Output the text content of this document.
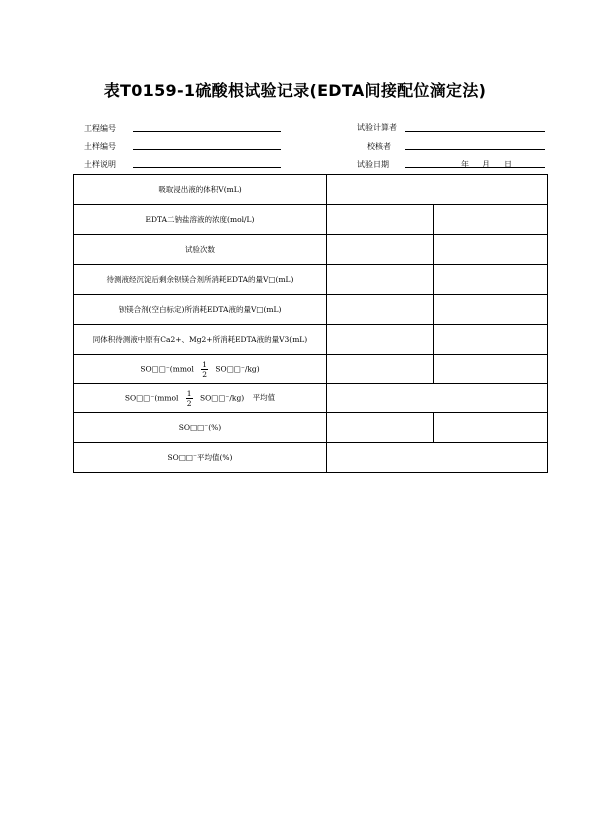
表T0159-1硫酸根试验记录(EDTA间接配位滴定法)
工程编号
土样编号
土样说明
试验计算者
校核者
试验日期	年 月 日
吸取浸出液的体积V(mL)		
EDTA二钠盐溶液的浓度(mol/L)		
试验次数		
待测液经沉淀后剩余钡镁合剂所消耗EDTA的量V□(mL)		
钡镁合剂(空白标定)所消耗EDTA液的量V□(mL)		
同体积待测液中原有Ca2+、Mg2+所消耗EDTA液的量V3(mL)		
SO□□⁻(mmol $\frac{1}{2}$ SO□□⁻/kg)		
SO□□⁻(mmol $\frac{1}{2}$ SO□□⁻/kg) 平均值		
SO□□⁻(%)		
SO□□⁻平均值(%)		
